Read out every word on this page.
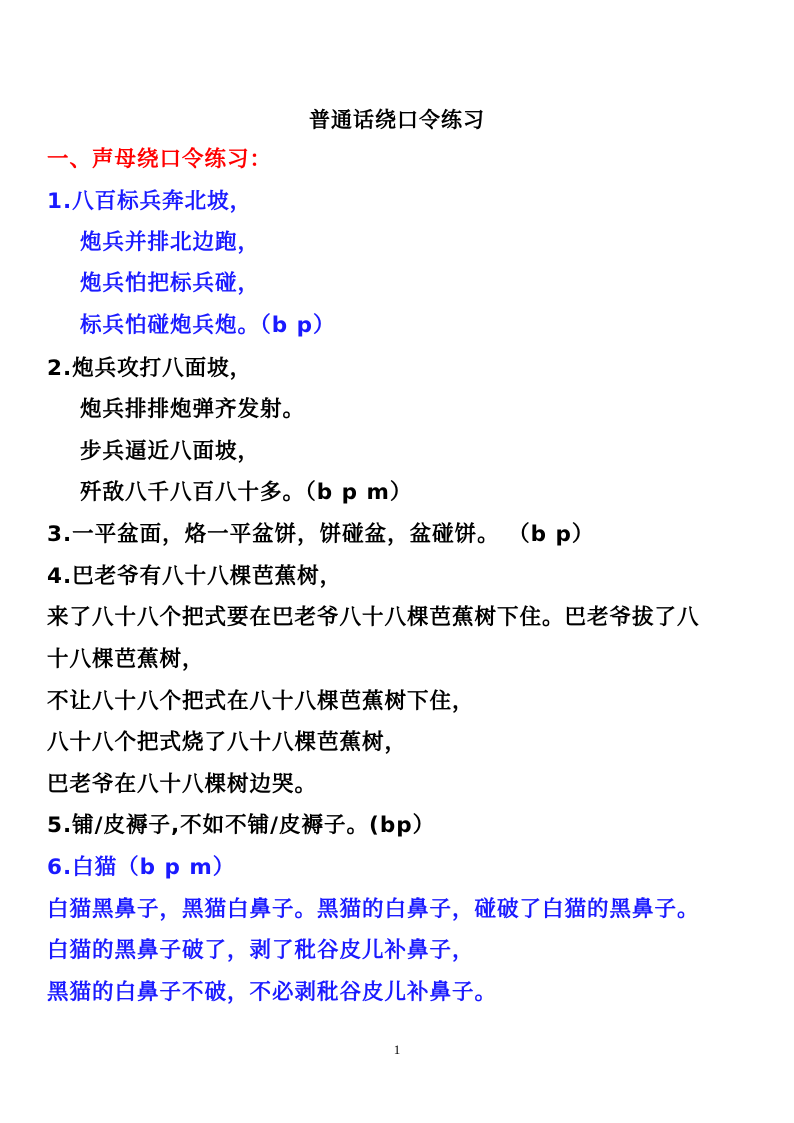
普通话绕口令练习
一、声母绕口令练习：
1.八百标兵奔北坡，
炮兵并排北边跑，
炮兵怕把标兵碰，
标兵怕碰炮兵炮。（b p）
2.炮兵攻打八面坡，
炮兵排排炮弹齐发射。
步兵逼近八面坡，
歼敌八千八百八十多。（b p m）
3.一平盆面，烙一平盆饼，饼碰盆，盆碰饼。 （b p）
4.巴老爷有八十八棵芭蕉树，
来了八十八个把式要在巴老爷八十八棵芭蕉树下住。巴老爷拔了八
十八棵芭蕉树，
不让八十八个把式在八十八棵芭蕉树下住，
八十八个把式烧了八十八棵芭蕉树，
巴老爷在八十八棵树边哭。
5.铺/皮褥子,不如不铺/皮褥子。(bp）
6.白猫（b p m）
白猫黑鼻子，黑猫白鼻子。黑猫的白鼻子，碰破了白猫的黑鼻子。
白猫的黑鼻子破了，剥了秕谷皮儿补鼻子，
黑猫的白鼻子不破，不必剥秕谷皮儿补鼻子。
1
